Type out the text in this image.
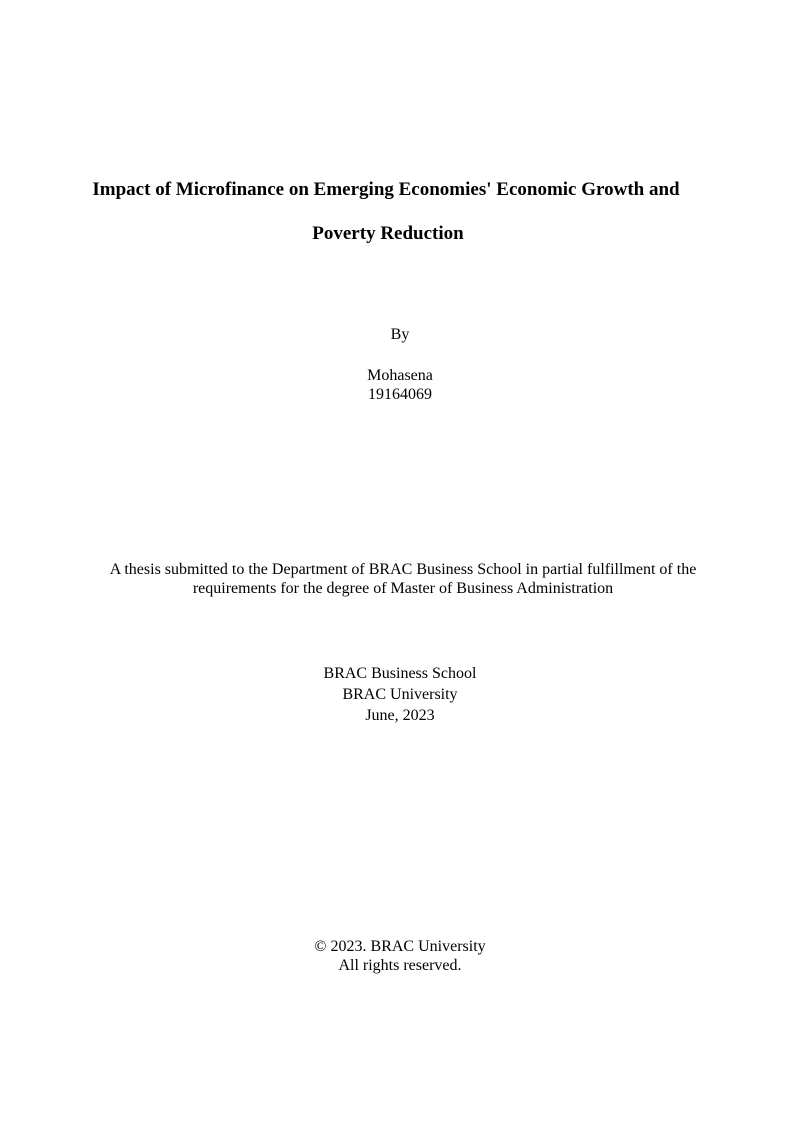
Impact of Microfinance on Emerging Economies' Economic Growth and
Poverty Reduction
By
Mohasena
19164069
A thesis submitted to the Department of BRAC Business School in partial fulfillment of the
requirements for the degree of Master of Business Administration
BRAC Business School
BRAC University
June, 2023
© 2023. BRAC University
All rights reserved.
